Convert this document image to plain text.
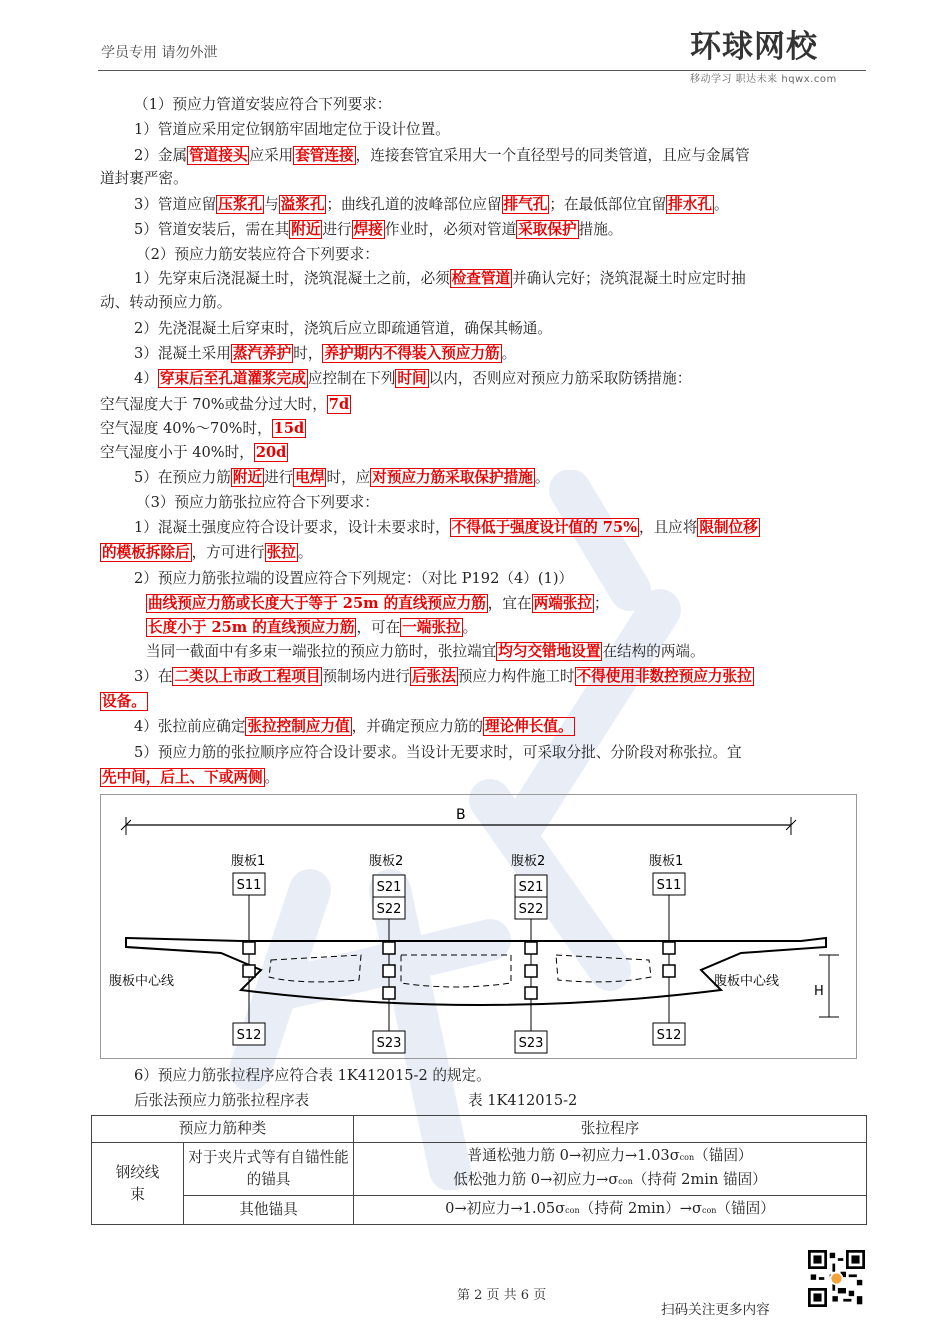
学员专用 请勿外泄	环球网校
移动学习 职达未来 hqwx.com
（1）预应力管道安装应符合下列要求：
1）管道应采用定位钢筋牢固地定位于设计位置。
2）金属 管道接头 应采用 套管连接 ，连接套管宜采用大一个直径型号的同类管道，且应与金属管
道封裹严密。
3）管道应留 压浆孔 与 溢浆孔 ；曲线孔道的波峰部位应留 排气孔 ；在最低部位宜留 排水孔 。
5）管道安装后，需在其 附近 进行 焊接 作业时，必须对管道 采取保护 措施。
（2）预应力筋安装应符合下列要求：
1）先穿束后浇混凝土时，浇筑混凝土之前，必须 检查管道 并确认完好；浇筑混凝土时应定时抽
动、转动预应力筋。
2）先浇混凝土后穿束时，浇筑后应立即疏通管道，确保其畅通。
3）混凝土采用 蒸汽养护 时， 养护期内不得装入预应力筋 。
4） 穿束后至孔道灌浆完成 应控制在下列 时间 以内，否则应对预应力筋采取防锈措施：
空气湿度大于 70%或盐分过大时， 7d
空气湿度 40%～70%时， 15d
空气湿度小于 40%时， 20d
5）在预应力筋 附近 进行 电焊 时，应 对预应力筋采取保护措施 。
（3）预应力筋张拉应符合下列要求：
1）混凝土强度应符合设计要求，设计未要求时， 不得低于强度设计值的 75% ，且应将 限制位移
的模板拆除后 ，方可进行 张拉 。
2）预应力筋张拉端的设置应符合下列规定：（对比 P192（4）(1)）
曲线预应力筋或长度大于等于 25m 的直线预应力筋 ，宜在 两端张拉 ；
长度小于 25m 的直线预应力筋 ，可在 一端张拉 。
当同一截面中有多束一端张拉的预应力筋时，张拉端宜 均匀交错地设置 在结构的两端。
3）在 二类以上市政工程项目 预制场内进行 后张法 预应力构件施工时 不得使用非数控预应力张拉
设备。
4）张拉前应确定 张拉控制应力值 ，并确定预应力筋的 理论伸长值。
5）预应力筋的张拉顺序应符合设计要求。当设计无要求时，可采取分批、分阶段对称张拉。宜
先中间，后上、下或两侧 。
B
腹板1	腹板2	腹板2	腹板1
S11	S21
S22
S21
S22
S11
S12
S23	S23
S12
腹板中心线	腹板中心线
H
6）预应力筋张拉程序应符合表 1K412015-2 的规定。
后张法预应力筋张拉程序表	表 1K412015-2
预应力筋种类		张拉程序

钢绞线束	对于夹片式等有自锚性能的锚具	普通松弛力筋 0→初应力→1.03σcon（锚固）
低松弛力筋 0→初应力→σcon（持荷 2min 锚固）

	其他锚具	0→初应力→1.05σcon（持荷 2min）→σcon（锚固）
扫码关注更多内容
第 2 页 共 6 页
